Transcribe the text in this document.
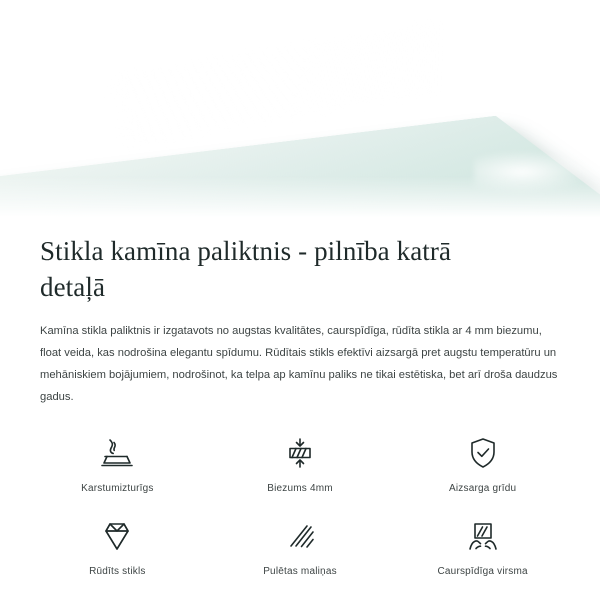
Stikla kamīna paliktnis - pilnība katrā detaļā

Kamīna stikla paliktnis ir izgatavots no augstas kvalitātes, caurspīdīga, rūdīta stikla ar 4 mm biezumu, float veida, kas nodrošina elegantu spīdumu. Rūdītais stikls efektīvi aizsargā pret augstu temperatūru un mehāniskiem bojājumiem, nodrošinot, ka telpa ap kamīnu paliks ne tikai estētiska, bet arī droša daudzus gadus.

Karstumizturīgs	Biezums 4mm	Aizsarga grīdu
Rūdīts stikls	Pulētas maliņas	Caurspīdīga virsma
